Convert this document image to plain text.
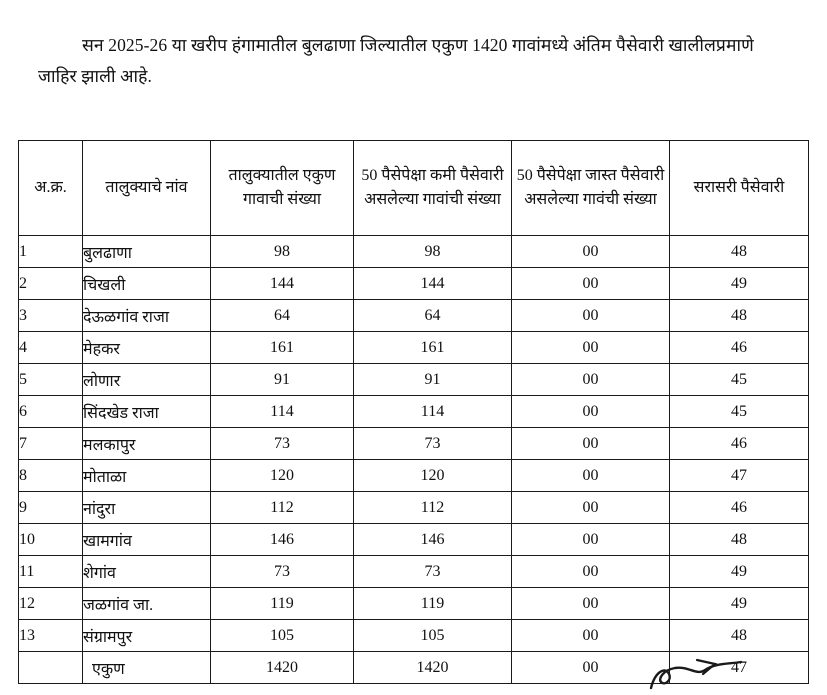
सन 2025-26 या खरीप हंगामातील बुलढाणा जिल्यातील एकुण 1420 गावांमध्ये अंतिम पैसेवारी खालीलप्रमाणे जाहिर झाली आहे.

अ.क्र.	तालुक्याचे नांव	तालुक्यातील एकुण गावाची संख्या	50 पैसेपेक्षा कमी पैसेवारी असलेल्या गावांची संख्या	50 पैसेपेक्षा जास्त पैसेवारी असलेल्या गावंची संख्या	सरासरी पैसेवारी

1	बुलढाणा	98	98	00	48
2	चिखली	144	144	00	49
3	देऊळगांव राजा	64	64	00	48
4	मेहकर	161	161	00	46
5	लोणार	91	91	00	45
6	सिंदखेड राजा	114	114	00	45
7	मलकापुर	73	73	00	46
8	मोताळा	120	120	00	47
9	नांदुरा	112	112	00	46
10	खामगांव	146	146	00	48
11	शेगांव	73	73	00	49
12	जळगांव जा.	119	119	00	49
13	संग्रामपुर	105	105	00	48
	एकुण	1420	1420	00	47
